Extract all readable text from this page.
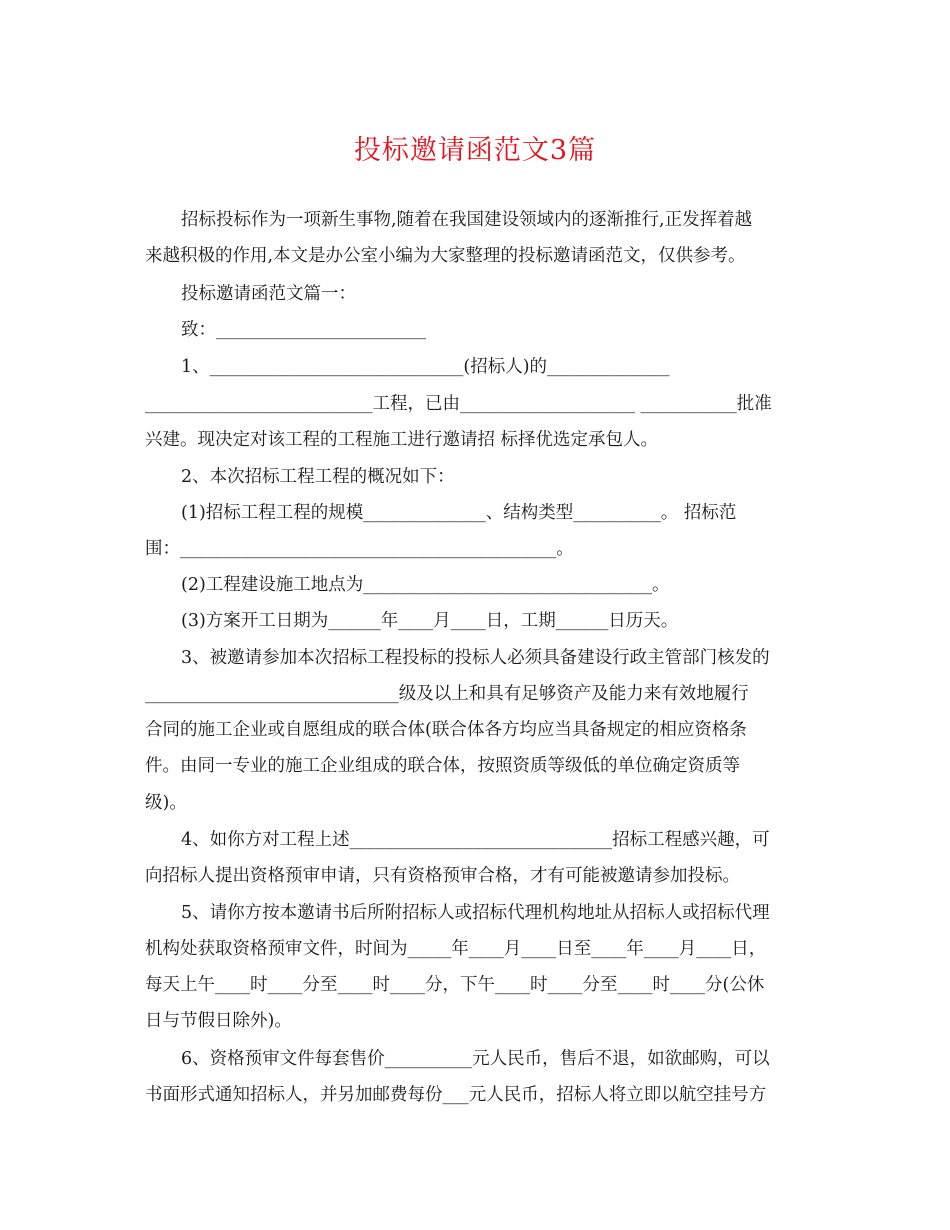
投标邀请函范文3篇
招标投标作为一项新生事物,随着在我国建设领域内的逐渐推行,正发挥着越
来越积极的作用,本文是办公室小编为大家整理的投标邀请函范文，仅供参考。
投标邀请函范文篇一：
致：________________________
1、_____________________________(招标人)的______________
__________________________工程，已由____________________ ___________批准
兴建。现决定对该工程的工程施工进行邀请招 标择优选定承包人。
2、本次招标工程工程的概况如下：
(1)招标工程工程的规模______________、结构类型__________。 招标范
围：___________________________________________。
(2)工程建设施工地点为_________________________________。
(3)方案开工日期为______年____月____日，工期______日历天。
3、被邀请参加本次招标工程投标的投标人必须具备建设行政主管部门核发的
_____________________________级及以上和具有足够资产及能力来有效地履行
合同的施工企业或自愿组成的联合体(联合体各方均应当具备规定的相应资格条
件。由同一专业的施工企业组成的联合体，按照资质等级低的单位确定资质等
级)。
4、如你方对工程上述______________________________招标工程感兴趣，可
向招标人提出资格预审申请，只有资格预审合格，才有可能被邀请参加投标。
5、请你方按本邀请书后所附招标人或招标代理机构地址从招标人或招标代理
机构处获取资格预审文件，时间为_____年____月____日至____年____月____日，
每天上午____时____分至____时____分，下午____时____分至____时____分(公休
日与节假日除外)。
6、资格预审文件每套售价__________元人民币，售后不退，如欲邮购，可以
书面形式通知招标人，并另加邮费每份___元人民币，招标人将立即以航空挂号方
